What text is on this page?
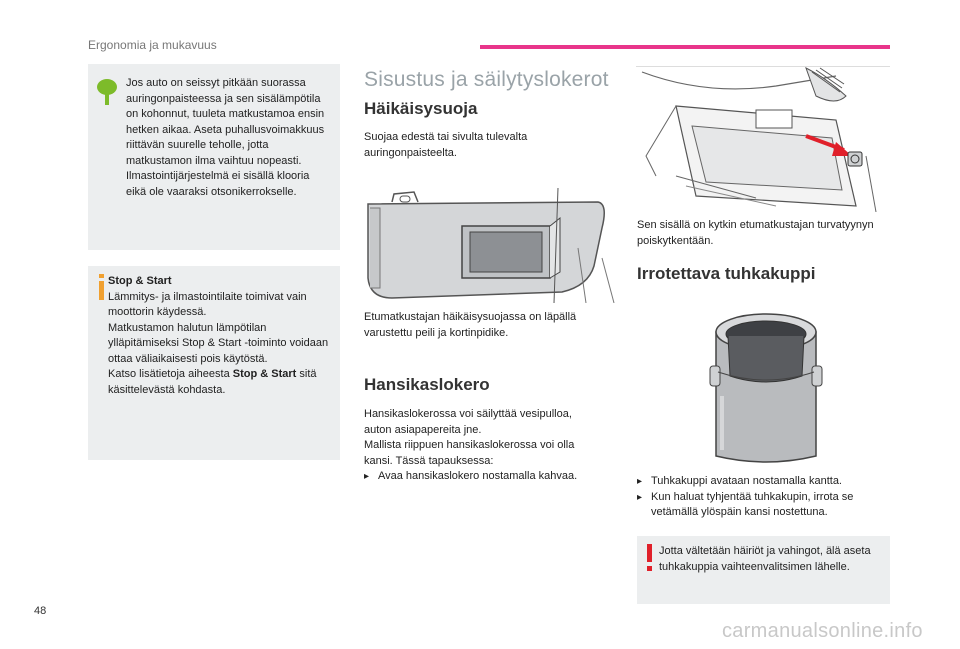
Ergonomia ja mukavuus
Jos auto on seissyt pitkään suorassa auringonpaisteessa ja sen sisälämpötila on kohonnut, tuuleta matkustamoa ensin hetken aikaa. Aseta puhallusvoimakkuus riittävän suurelle teholle, jotta matkustamon ilma vaihtuu nopeasti. Ilmastointijärjestelmä ei sisällä klooria eikä ole vaaraksi otsonikerrokselle.
Stop & Start
Lämmitys- ja ilmastointilaite toimivat vain moottorin käydessä.
Matkustamon halutun lämpötilan ylläpitämiseksi Stop & Start -toiminto voidaan ottaa väliaikaisesti pois käytöstä.
Katso lisätietoja aiheesta Stop & Start sitä käsittelevästä kohdasta.
Sisustus ja säilytyslokerot
Häikäisysuoja
Suojaa edestä tai sivulta tulevalta auringonpaisteelta.
Etumatkustajan häikäisysuojassa on läpällä varustettu peili ja kortinpidike.
Hansikaslokero
Hansikaslokerossa voi säilyttää vesipulloa, auton asiapapereita jne.
Mallista riippuen hansikaslokerossa voi olla kansi. Tässä tapauksessa:
▸ Avaa hansikaslokero nostamalla kahvaa.
Sen sisällä on kytkin etumatkustajan turvatyynyn poiskytkentään.
Irrotettava tuhkakuppi
▸ Tuhkakuppi avataan nostamalla kantta.
▸ Kun haluat tyhjentää tuhkakupin, irrota se vetämällä ylöspäin kansi nostettuna.
Jotta vältetään häiriöt ja vahingot, älä aseta tuhkakuppia vaihteenvalitsimen lähelle.
48
carmanualsonline.info
